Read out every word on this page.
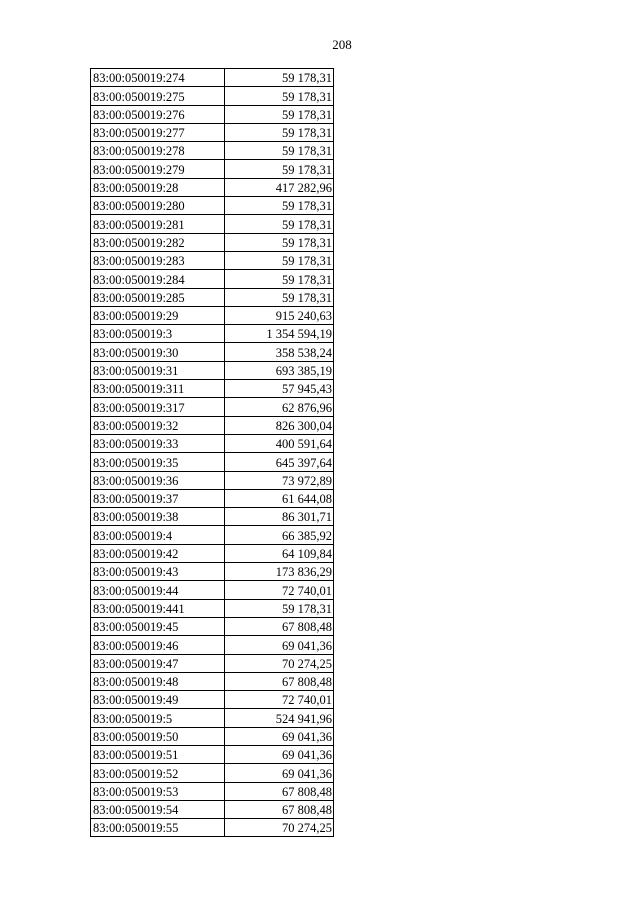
208
83:00:050019:274	59 178,31
83:00:050019:275	59 178,31
83:00:050019:276	59 178,31
83:00:050019:277	59 178,31
83:00:050019:278	59 178,31
83:00:050019:279	59 178,31
83:00:050019:28	417 282,96
83:00:050019:280	59 178,31
83:00:050019:281	59 178,31
83:00:050019:282	59 178,31
83:00:050019:283	59 178,31
83:00:050019:284	59 178,31
83:00:050019:285	59 178,31
83:00:050019:29	915 240,63
83:00:050019:3	1 354 594,19
83:00:050019:30	358 538,24
83:00:050019:31	693 385,19
83:00:050019:311	57 945,43
83:00:050019:317	62 876,96
83:00:050019:32	826 300,04
83:00:050019:33	400 591,64
83:00:050019:35	645 397,64
83:00:050019:36	73 972,89
83:00:050019:37	61 644,08
83:00:050019:38	86 301,71
83:00:050019:4	66 385,92
83:00:050019:42	64 109,84
83:00:050019:43	173 836,29
83:00:050019:44	72 740,01
83:00:050019:441	59 178,31
83:00:050019:45	67 808,48
83:00:050019:46	69 041,36
83:00:050019:47	70 274,25
83:00:050019:48	67 808,48
83:00:050019:49	72 740,01
83:00:050019:5	524 941,96
83:00:050019:50	69 041,36
83:00:050019:51	69 041,36
83:00:050019:52	69 041,36
83:00:050019:53	67 808,48
83:00:050019:54	67 808,48
83:00:050019:55	70 274,25
